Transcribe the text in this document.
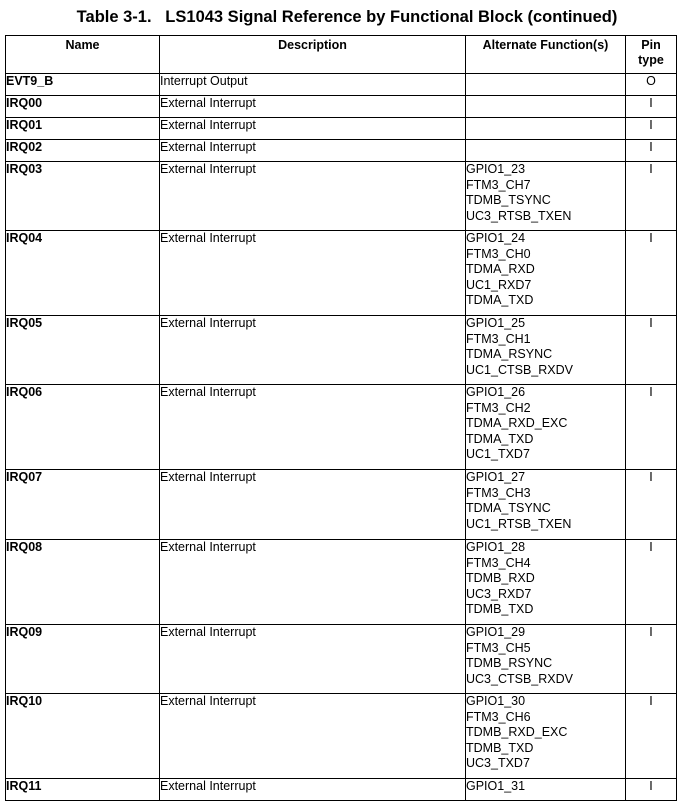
Table 3-1.   LS1043 Signal Reference by Functional Block (continued)
Name	Description	Alternate Function(s)	Pin
type
EVT9_B	Interrupt Output		O
IRQ00	External Interrupt		I
IRQ01	External Interrupt		I
IRQ02	External Interrupt		I
IRQ03	External Interrupt	GPIO1_23
FTM3_CH7
TDMB_TSYNC
UC3_RTSB_TXEN	I
IRQ04	External Interrupt	GPIO1_24
FTM3_CH0
TDMA_RXD
UC1_RXD7
TDMA_TXD	I
IRQ05	External Interrupt	GPIO1_25
FTM3_CH1
TDMA_RSYNC
UC1_CTSB_RXDV	I
IRQ06	External Interrupt	GPIO1_26
FTM3_CH2
TDMA_RXD_EXC
TDMA_TXD
UC1_TXD7	I
IRQ07	External Interrupt	GPIO1_27
FTM3_CH3
TDMA_TSYNC
UC1_RTSB_TXEN	I
IRQ08	External Interrupt	GPIO1_28
FTM3_CH4
TDMB_RXD
UC3_RXD7
TDMB_TXD	I
IRQ09	External Interrupt	GPIO1_29
FTM3_CH5
TDMB_RSYNC
UC3_CTSB_RXDV	I
IRQ10	External Interrupt	GPIO1_30
FTM3_CH6
TDMB_RXD_EXC
TDMB_TXD
UC3_TXD7	I
IRQ11	External Interrupt	GPIO1_31	I
